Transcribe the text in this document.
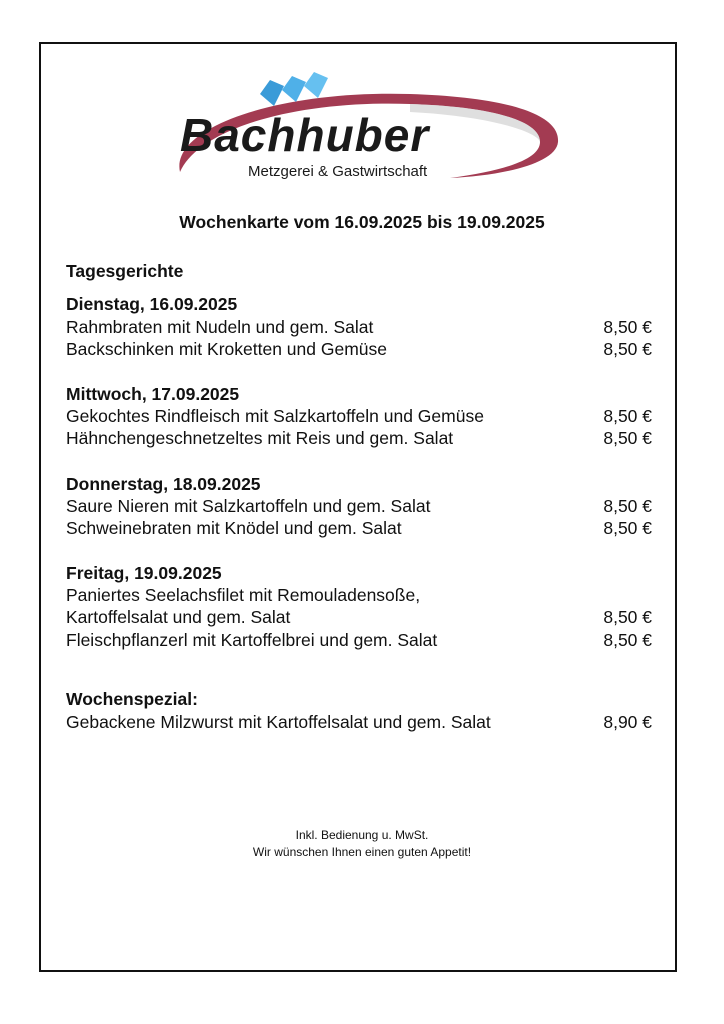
Bachhuber
Metzgerei & Gastwirtschaft
Wochenkarte vom 16.09.2025 bis 19.09.2025
Tagesgerichte
Dienstag, 16.09.2025
Rahmbraten mit Nudeln und gem. Salat	8,50 €
Backschinken mit Kroketten und Gemüse	8,50 €
Mittwoch, 17.09.2025
Gekochtes Rindfleisch mit Salzkartoffeln und Gemüse	8,50 €
Hähnchengeschnetzeltes mit Reis und gem. Salat	8,50 €
Donnerstag, 18.09.2025
Saure Nieren mit Salzkartoffeln und gem. Salat	8,50 €
Schweinebraten mit Knödel und gem. Salat	8,50 €
Freitag, 19.09.2025
Paniertes Seelachsfilet mit Remouladensoße,
Kartoffelsalat und gem. Salat	8,50 €
Fleischpflanzerl mit Kartoffelbrei und gem. Salat	8,50 €
Wochenspezial:
Gebackene Milzwurst mit Kartoffelsalat und gem. Salat	8,90 €
Inkl. Bedienung u. MwSt.
Wir wünschen Ihnen einen guten Appetit!
